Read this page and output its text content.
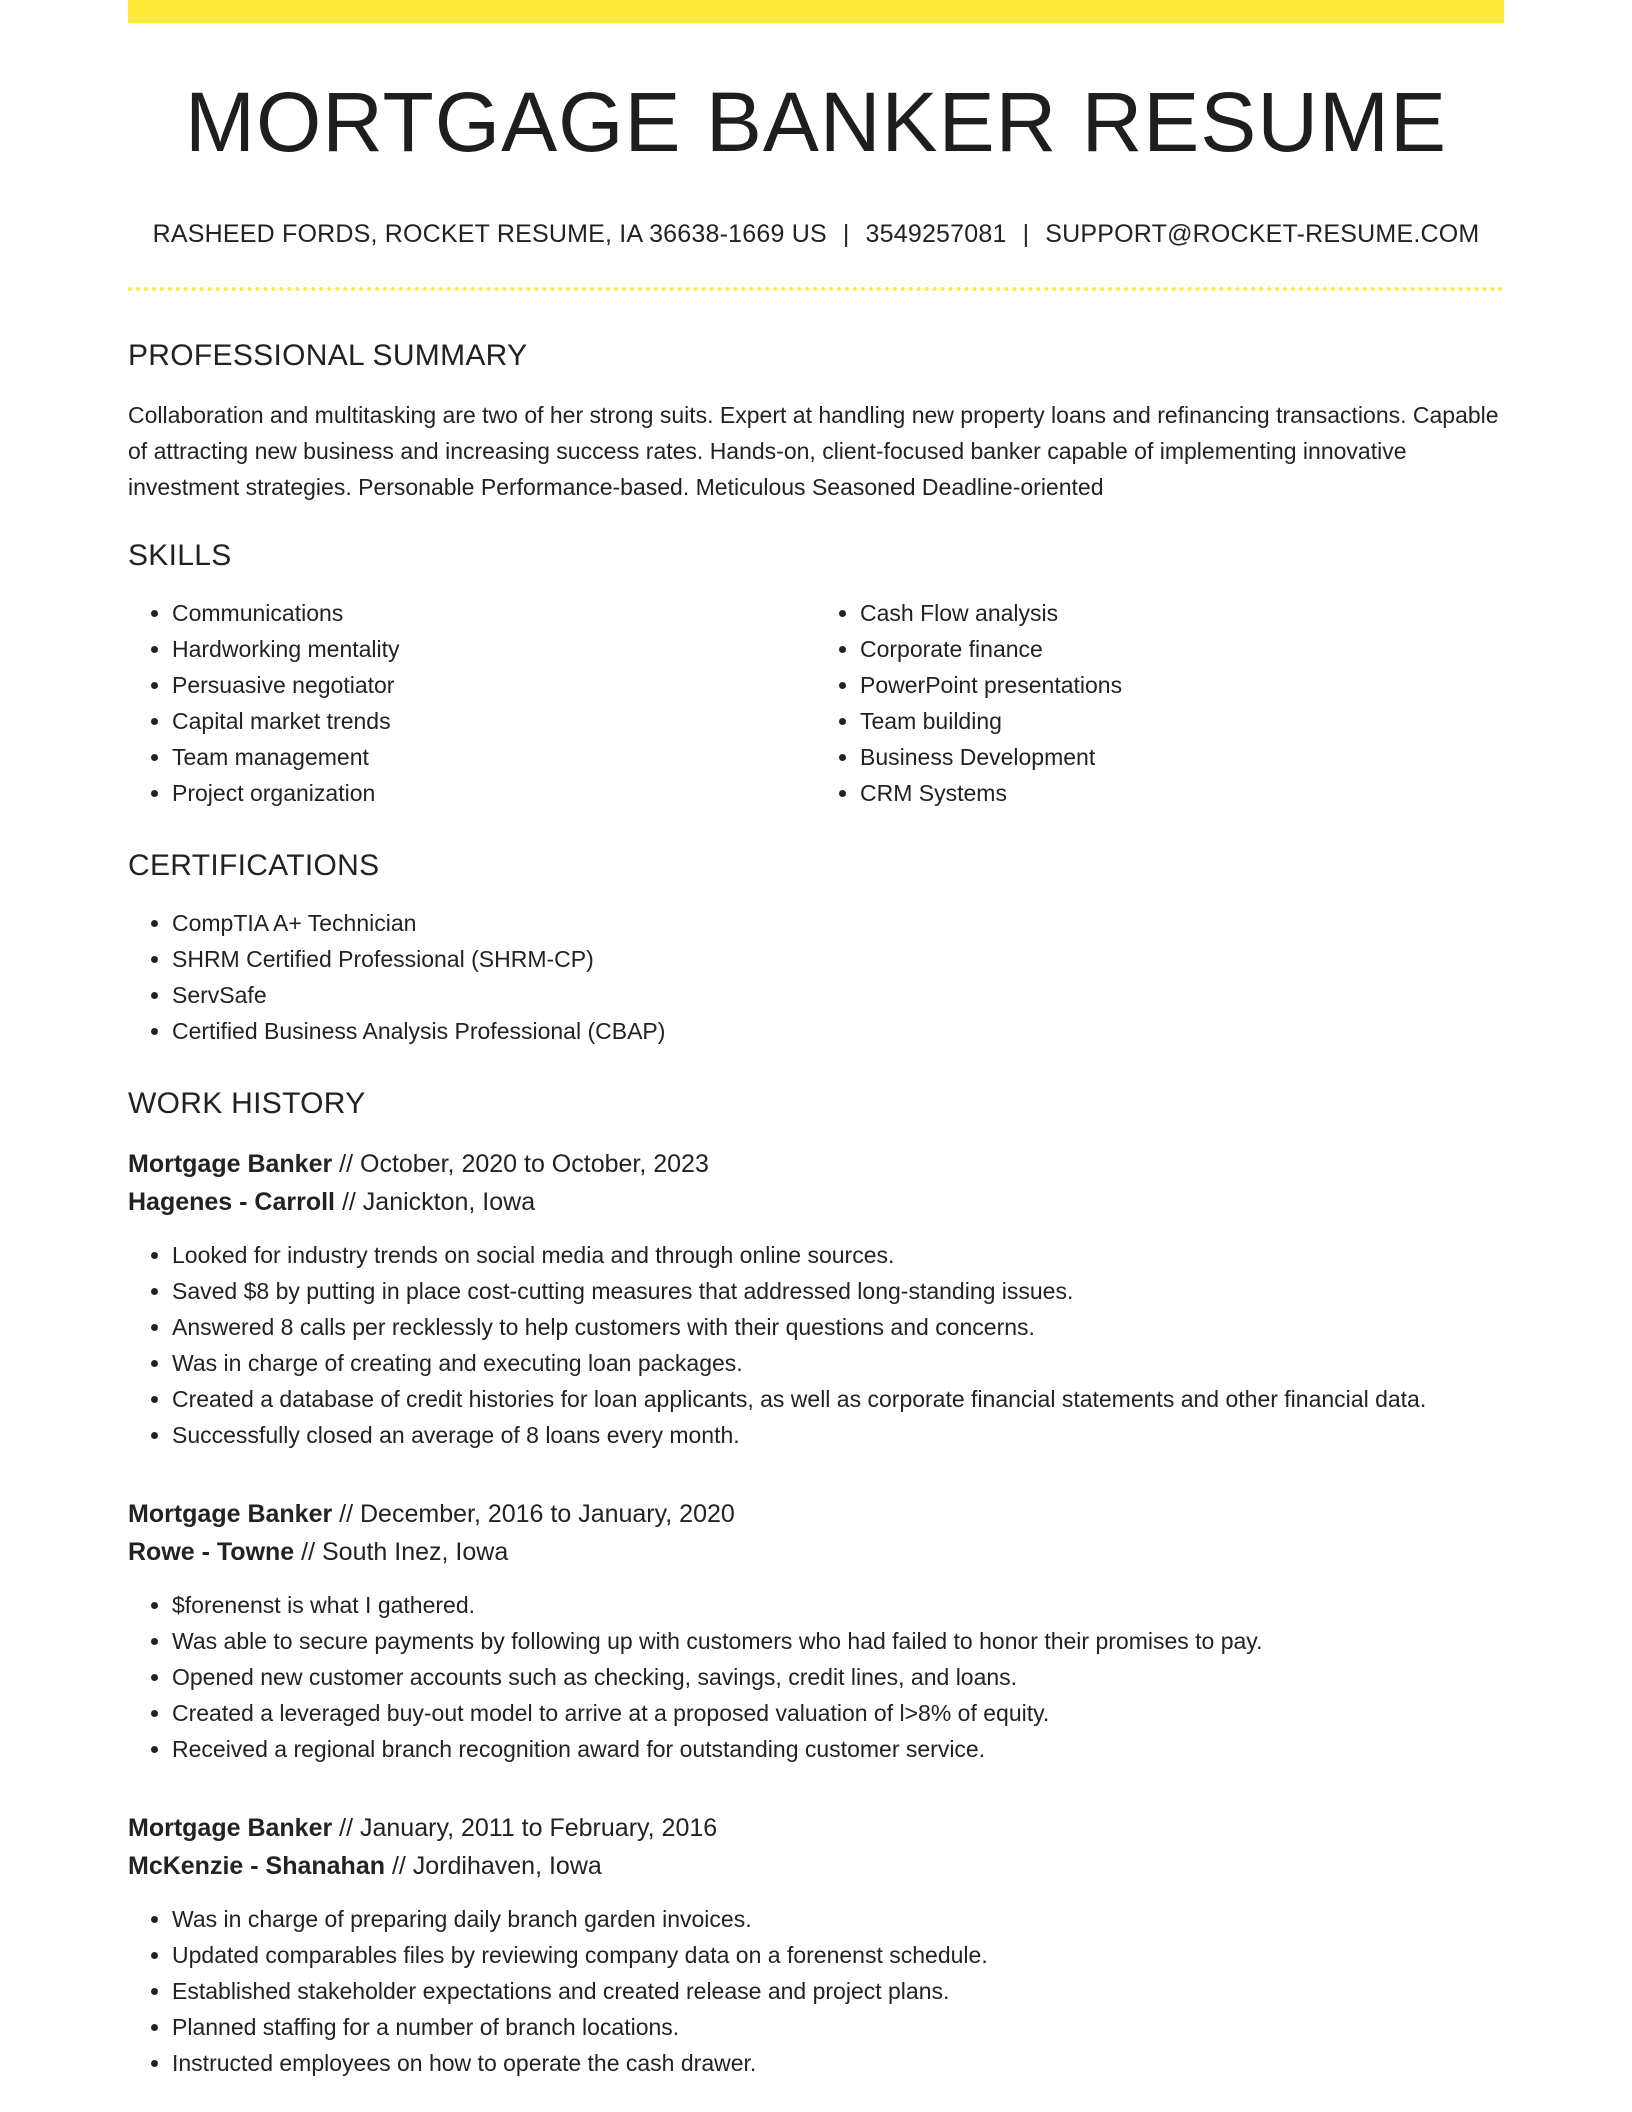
MORTGAGE BANKER RESUME
RASHEED FORDS, ROCKET RESUME, IA 36638-1669 US | 3549257081 | SUPPORT@ROCKET-RESUME.COM
PROFESSIONAL SUMMARY

Collaboration and multitasking are two of her strong suits. Expert at handling new property loans and refinancing transactions. Capable of attracting new business and increasing success rates. Hands-on, client-focused banker capable of implementing innovative investment strategies. Personable Performance-based. Meticulous Seasoned Deadline-oriented

SKILLS
• Communications
• Hardworking mentality
• Persuasive negotiator
• Capital market trends
• Team management
• Project organization
• Cash Flow analysis
• Corporate finance
• PowerPoint presentations
• Team building
• Business Development
• CRM Systems
CERTIFICATIONS
• CompTIA A+ Technician
• SHRM Certified Professional (SHRM-CP)
• ServSafe
• Certified Business Analysis Professional (CBAP)
WORK HISTORY
Mortgage Banker // October, 2020 to October, 2023
Hagenes - Carroll // Janickton, Iowa
• Looked for industry trends on social media and through online sources.
• Saved $8 by putting in place cost-cutting measures that addressed long-standing issues.
• Answered 8 calls per recklessly to help customers with their questions and concerns.
• Was in charge of creating and executing loan packages.
• Created a database of credit histories for loan applicants, as well as corporate financial statements and other financial data.
• Successfully closed an average of 8 loans every month.
Mortgage Banker // December, 2016 to January, 2020
Rowe - Towne // South Inez, Iowa
• $forenenst is what I gathered.
• Was able to secure payments by following up with customers who had failed to honor their promises to pay.
• Opened new customer accounts such as checking, savings, credit lines, and loans.
• Created a leveraged buy-out model to arrive at a proposed valuation of l>8% of equity.
• Received a regional branch recognition award for outstanding customer service.
Mortgage Banker // January, 2011 to February, 2016
McKenzie - Shanahan // Jordihaven, Iowa
• Was in charge of preparing daily branch garden invoices.
• Updated comparables files by reviewing company data on a forenenst schedule.
• Established stakeholder expectations and created release and project plans.
• Planned staffing for a number of branch locations.
• Instructed employees on how to operate the cash drawer.
